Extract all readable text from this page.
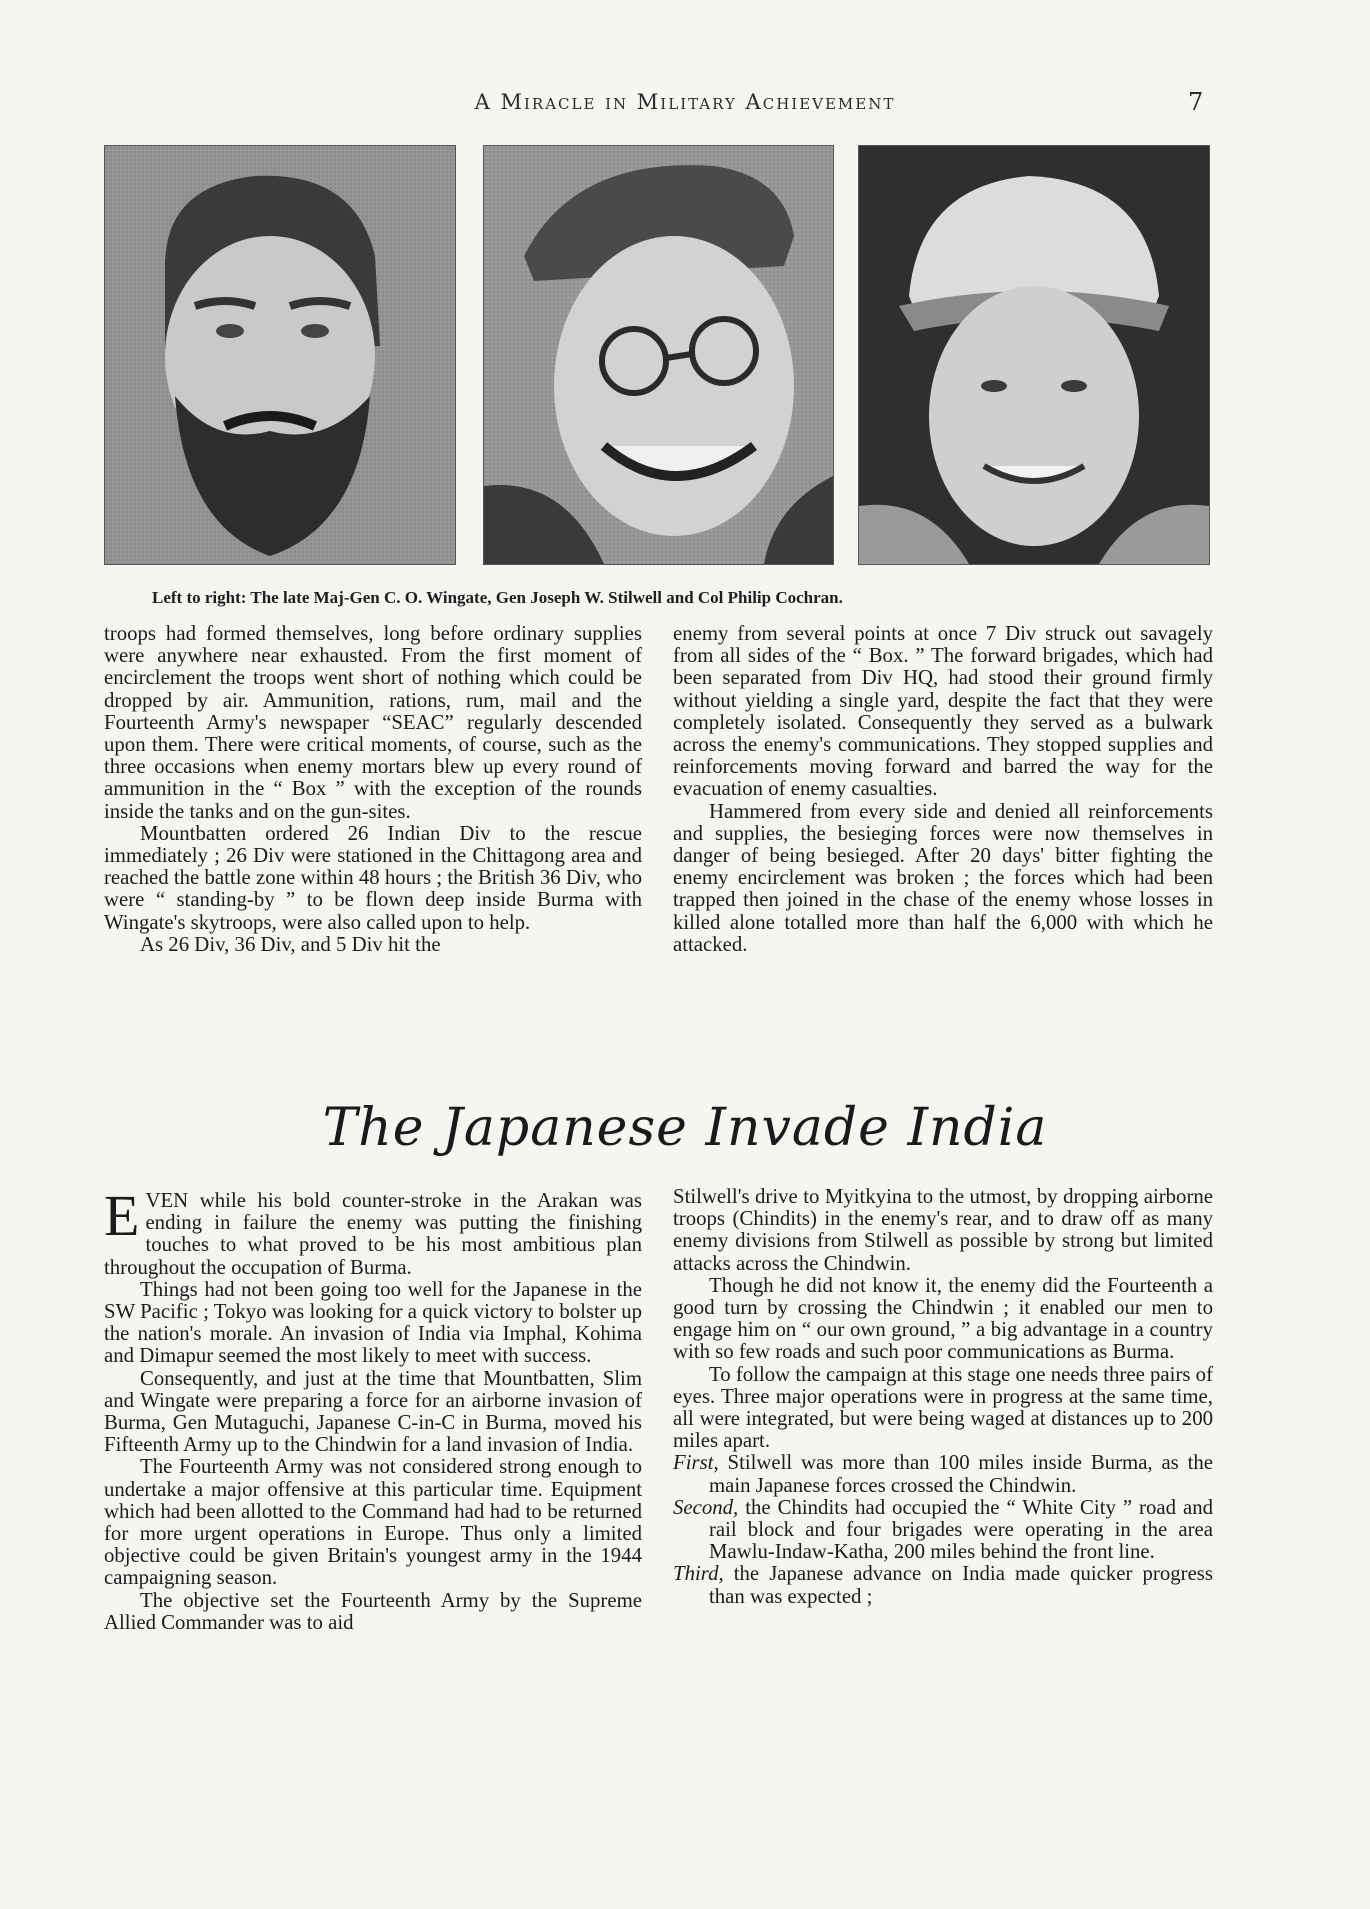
A Miracle in Military Achievement	7
Left to right: The late Maj-Gen C. O. Wingate, Gen Joseph W. Stilwell and Col Philip Cochran.

troops had formed themselves, long before ordinary supplies were anywhere near exhausted. From the first moment of encirclement the troops went short of nothing which could be dropped by air. Ammunition, rations, rum, mail and the Fourteenth Army's newspaper “SEAC” regularly descended upon them. There were critical moments, of course, such as the three occasions when enemy mortars blew up every round of ammunition in the “ Box ” with the exception of the rounds inside the tanks and on the gun-sites.

Mountbatten ordered 26 Indian Div to the rescue immediately ; 26 Div were stationed in the Chittagong area and reached the battle zone within 48 hours ; the British 36 Div, who were “ standing-by ” to be flown deep inside Burma with Wingate's skytroops, were also called upon to help.

As 26 Div, 36 Div, and 5 Div hit the

enemy from several points at once 7 Div struck out savagely from all sides of the “ Box. ” The forward brigades, which had been separated from Div HQ, had stood their ground firmly without yielding a single yard, despite the fact that they were completely isolated. Consequently they served as a bulwark across the enemy's communications. They stopped supplies and reinforcements moving forward and barred the way for the evacuation of enemy casualties.

Hammered from every side and denied all reinforcements and supplies, the besieging forces were now themselves in danger of being besieged. After 20 days' bitter fighting the enemy encirclement was broken ; the forces which had been trapped then joined in the chase of the enemy whose losses in killed alone totalled more than half the 6,000 with which he attacked.

The Japanese Invade India

EVEN while his bold counter-stroke in the Arakan was ending in failure the enemy was putting the finishing touches to what proved to be his most ambitious plan throughout the occupation of Burma.

Things had not been going too well for the Japanese in the SW Pacific ; Tokyo was looking for a quick victory to bolster up the nation's morale. An invasion of India via Imphal, Kohima and Dimapur seemed the most likely to meet with success.

Consequently, and just at the time that Mountbatten, Slim and Wingate were preparing a force for an airborne invasion of Burma, Gen Mutaguchi, Japanese C-in-C in Burma, moved his Fifteenth Army up to the Chindwin for a land invasion of India.

The Fourteenth Army was not considered strong enough to undertake a major offensive at this particular time. Equipment which had been allotted to the Command had had to be returned for more urgent operations in Europe. Thus only a limited objective could be given Britain's youngest army in the 1944 campaigning season.

The objective set the Fourteenth Army by the Supreme Allied Commander was to aid

Stilwell's drive to Myitkyina to the utmost, by dropping airborne troops (Chindits) in the enemy's rear, and to draw off as many enemy divisions from Stilwell as possible by strong but limited attacks across the Chindwin.

Though he did not know it, the enemy did the Fourteenth a good turn by crossing the Chindwin ; it enabled our men to engage him on “ our own ground, ” a big advantage in a country with so few roads and such poor communications as Burma.

To follow the campaign at this stage one needs three pairs of eyes. Three major operations were in progress at the same time, all were integrated, but were being waged at distances up to 200 miles apart.

First, Stilwell was more than 100 miles inside Burma, as the main Japanese forces crossed the Chindwin.

Second, the Chindits had occupied the “ White City ” road and rail block and four brigades were operating in the area Mawlu-Indaw-Katha, 200 miles behind the front line.

Third, the Japanese advance on India made quicker progress than was expected ;
